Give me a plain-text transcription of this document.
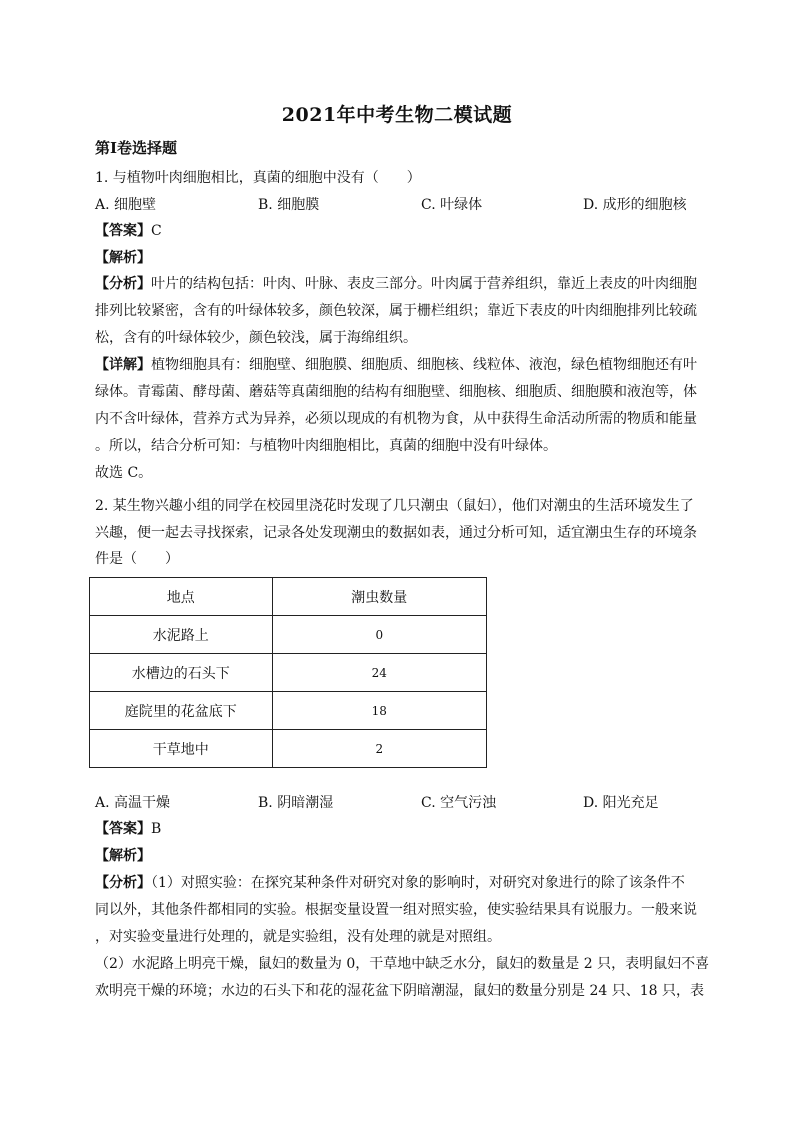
2021年中考生物二模试题
第Ⅰ卷选择题
1. 与植物叶肉细胞相比，真菌的细胞中没有（　　）
A. 细胞壁	B. 细胞膜	C. 叶绿体	D. 成形的细胞核
【答案】C
【解析】
【分析】叶片的结构包括：叶肉、叶脉、表皮三部分。叶肉属于营养组织，靠近上表皮的叶肉细胞
排列比较紧密，含有的叶绿体较多，颜色较深，属于栅栏组织；靠近下表皮的叶肉细胞排列比较疏
松，含有的叶绿体较少，颜色较浅，属于海绵组织。
【详解】植物细胞具有：细胞壁、细胞膜、细胞质、细胞核、线粒体、液泡，绿色植物细胞还有叶
绿体。青霉菌、酵母菌、蘑菇等真菌细胞的结构有细胞壁、细胞核、细胞质、细胞膜和液泡等，体
内不含叶绿体，营养方式为异养，必须以现成的有机物为食，从中获得生命活动所需的物质和能量
。所以，结合分析可知：与植物叶肉细胞相比，真菌的细胞中没有叶绿体。
故选 C。
2. 某生物兴趣小组的同学在校园里浇花时发现了几只潮虫（鼠妇），他们对潮虫的生活环境发生了
兴趣，便一起去寻找探索，记录各处发现潮虫的数据如表，通过分析可知，适宜潮虫生存的环境条
件是（　　）
地点	潮虫数量
水泥路上	0
水槽边的石头下	24
庭院里的花盆底下	18
干草地中	2
A. 高温干燥	B. 阴暗潮湿	C. 空气污浊	D. 阳光充足
【答案】B
【解析】
【分析】（1）对照实验：在探究某种条件对研究对象的影响时，对研究对象进行的除了该条件不
同以外，其他条件都相同的实验。根据变量设置一组对照实验，使实验结果具有说服力。一般来说
，对实验变量进行处理的，就是实验组，没有处理的就是对照组。
（2）水泥路上明亮干燥，鼠妇的数量为 0，干草地中缺乏水分，鼠妇的数量是 2 只，表明鼠妇不喜
欢明亮干燥的环境；水边的石头下和花的湿花盆下阴暗潮湿，鼠妇的数量分别是 24 只、18 只，表
